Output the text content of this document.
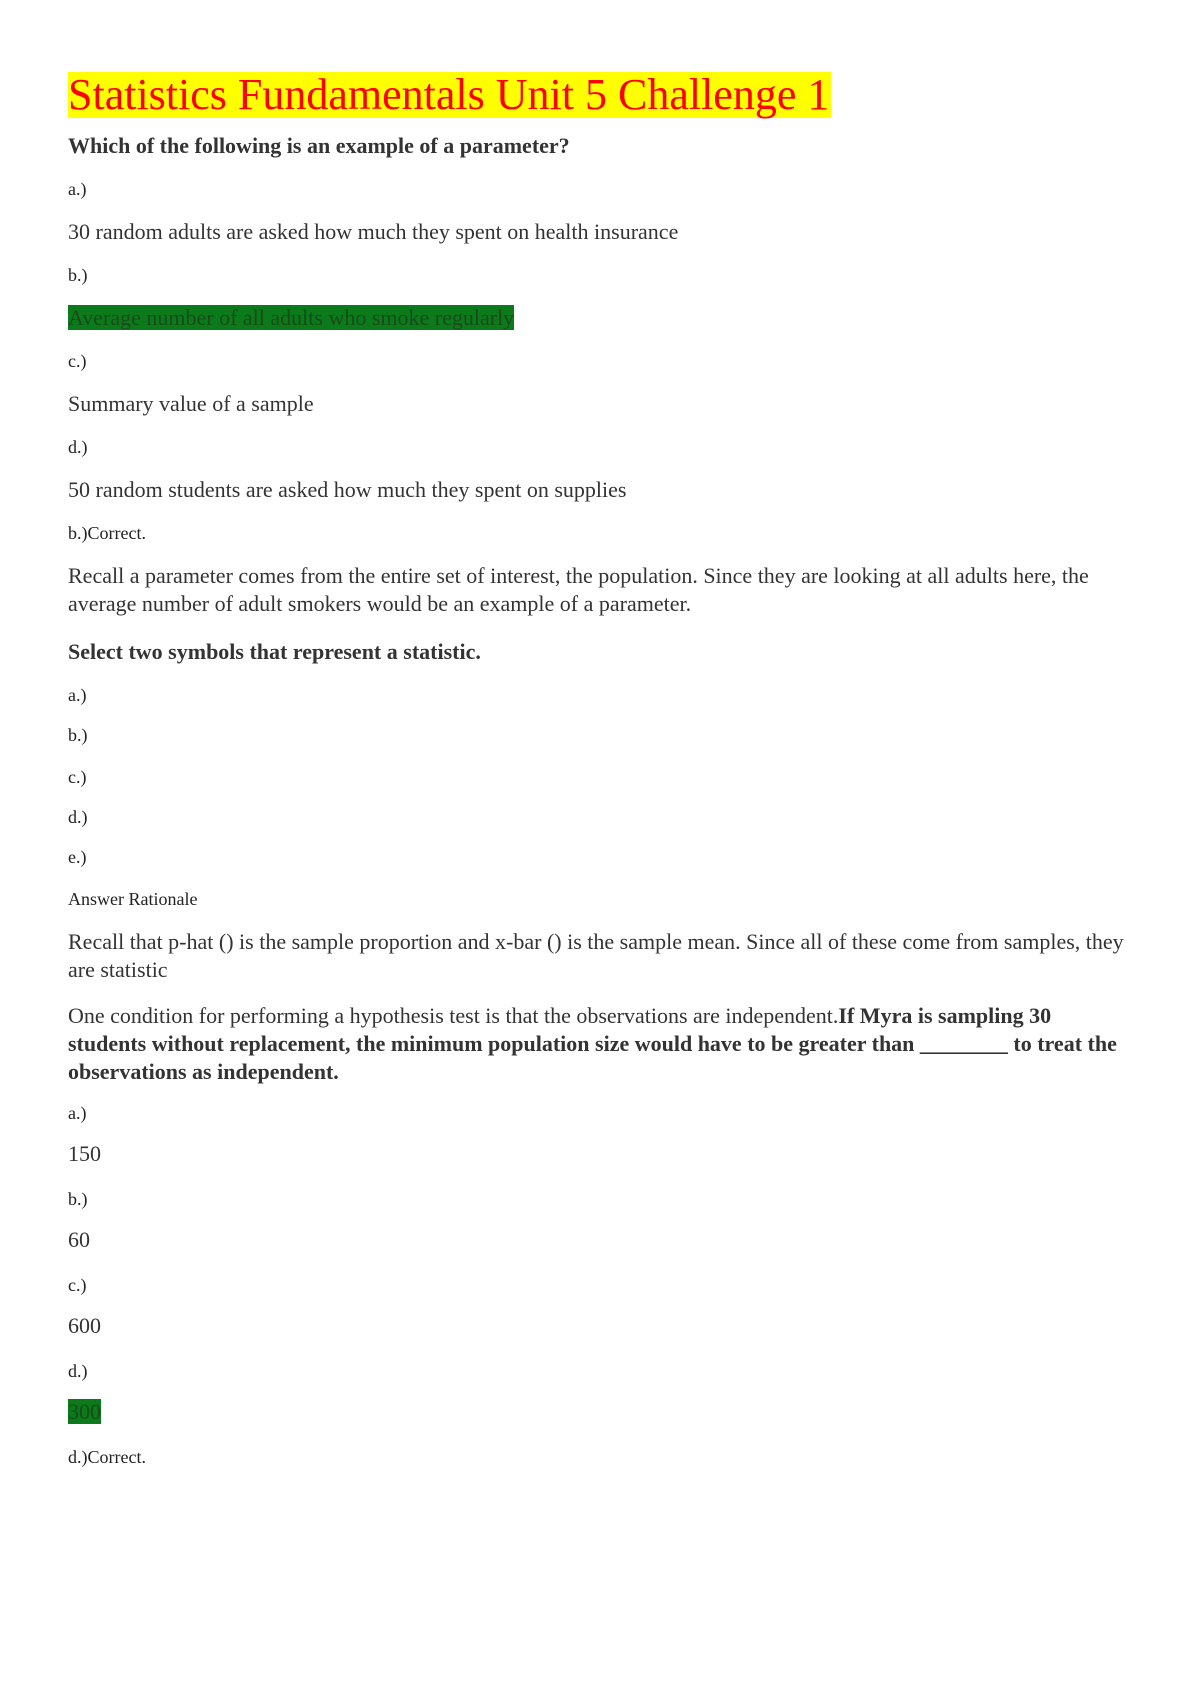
Statistics Fundamentals Unit 5 Challenge 1
Which of the following is an example of a parameter?
a.)
30 random adults are asked how much they spent on health insurance
b.)
Average number of all adults who smoke regularly
c.)
Summary value of a sample
d.)
50 random students are asked how much they spent on supplies
b.)Correct.
Recall a parameter comes from the entire set of interest, the population. Since they are looking at all adults here, the average number of adult smokers would be an example of a parameter.
Select two symbols that represent a statistic.
a.)
b.)
c.)
d.)
e.)
Answer Rationale
Recall that p-hat () is the sample proportion and x-bar () is the sample mean. Since all of these come from samples, they are statistic
One condition for performing a hypothesis test is that the observations are independent.If Myra is sampling 30 students without replacement, the minimum population size would have to be greater than ________ to treat the observations as independent.
a.)
150
b.)
60
c.)
600
d.)
300
d.)Correct.
